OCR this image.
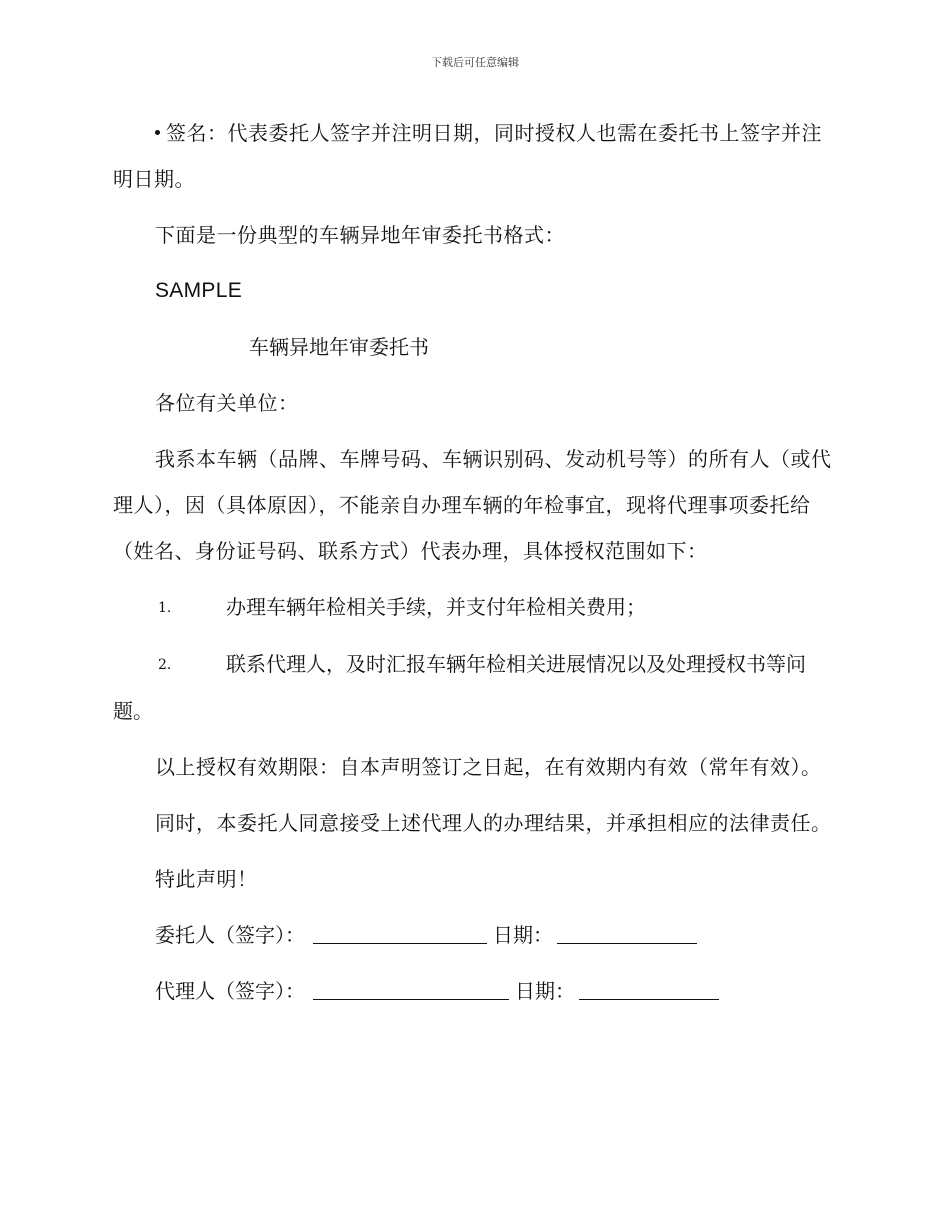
下载后可任意编辑

签名：代表委托人签字并注明日期，同时授权人也需在委托书上签字并注明日期。

下面是一份典型的车辆异地年审委托书格式：

SAMPLE
车辆异地年审委托书

各位有关单位：

我系本车辆（品牌、车牌号码、车辆识别码、发动机号等）的所有人（或代理人），因（具体原因），不能亲自办理车辆的年检事宜，现将代理事项委托给（姓名、身份证号码、联系方式）代表办理，具体授权范围如下：

1.	办理车辆年检相关手续，并支付年检相关费用；
2.	联系代理人，及时汇报车辆年检相关进展情况以及处理授权书等问题。

以上授权有效期限：自本声明签订之日起，在有效期内有效（常年有效）。

同时，本委托人同意接受上述代理人的办理结果，并承担相应的法律责任。

特此声明！

委托人（签字）：	日期：
代理人（签字）：	日期：
